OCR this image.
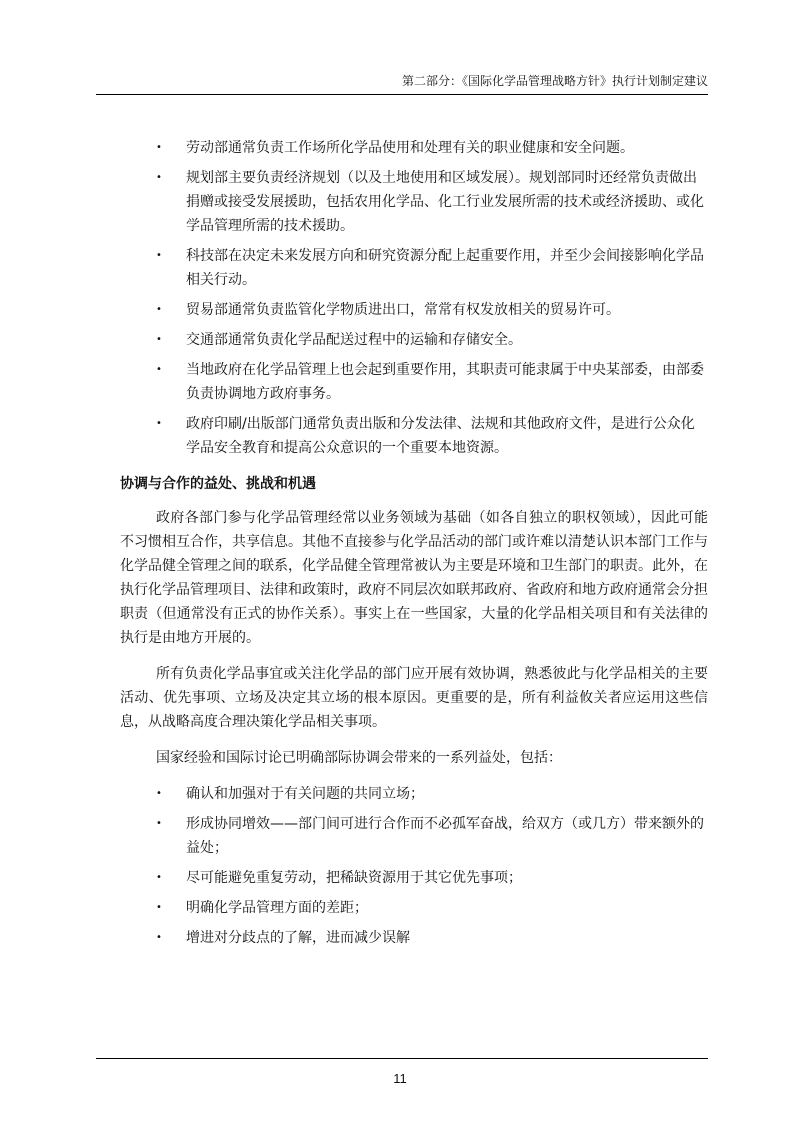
第二部分：《国际化学品管理战略方针》执行计划制定建议
• 劳动部通常负责工作场所化学品使用和处理有关的职业健康和安全问题。
• 规划部主要负责经济规划（以及土地使用和区域发展）。规划部同时还经常负责做出捐赠或接受发展援助，包括农用化学品、化工行业发展所需的技术或经济援助、或化学品管理所需的技术援助。
• 科技部在决定未来发展方向和研究资源分配上起重要作用，并至少会间接影响化学品相关行动。
• 贸易部通常负责监管化学物质进出口，常常有权发放相关的贸易许可。
• 交通部通常负责化学品配送过程中的运输和存储安全。
• 当地政府在化学品管理上也会起到重要作用，其职责可能隶属于中央某部委，由部委负责协调地方政府事务。
• 政府印刷/出版部门通常负责出版和分发法律、法规和其他政府文件，是进行公众化学品安全教育和提高公众意识的一个重要本地资源。
协调与合作的益处、挑战和机遇

政府各部门参与化学品管理经常以业务领域为基础（如各自独立的职权领域），因此可能不习惯相互合作，共享信息。其他不直接参与化学品活动的部门或许难以清楚认识本部门工作与化学品健全管理之间的联系，化学品健全管理常被认为主要是环境和卫生部门的职责。此外，在执行化学品管理项目、法律和政策时，政府不同层次如联邦政府、省政府和地方政府通常会分担职责（但通常没有正式的协作关系）。事实上在一些国家，大量的化学品相关项目和有关法律的执行是由地方开展的。

所有负责化学品事宜或关注化学品的部门应开展有效协调，熟悉彼此与化学品相关的主要活动、优先事项、立场及决定其立场的根本原因。更重要的是，所有利益攸关者应运用这些信息，从战略高度合理决策化学品相关事项。

国家经验和国际讨论已明确部际协调会带来的一系列益处，包括：

• 确认和加强对于有关问题的共同立场；
• 形成协同增效——部门间可进行合作而不必孤军奋战，给双方（或几方）带来额外的益处；
• 尽可能避免重复劳动，把稀缺资源用于其它优先事项；
• 明确化学品管理方面的差距；
• 增进对分歧点的了解，进而减少误解
11
